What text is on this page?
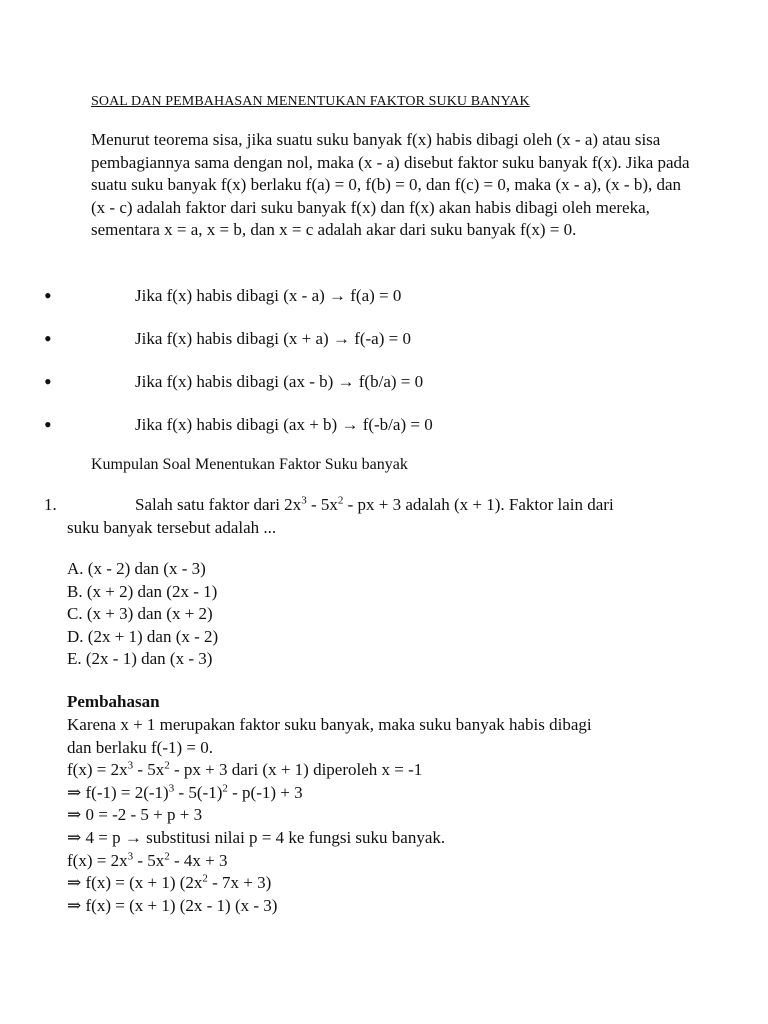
SOAL DAN PEMBAHASAN MENENTUKAN FAKTOR SUKU BANYAK

Menurut teorema sisa, jika suatu suku banyak f(x) habis dibagi oleh (x - a) atau sisa pembagiannya sama dengan nol, maka (x - a) disebut faktor suku banyak f(x). Jika pada suatu suku banyak f(x) berlaku f(a) = 0, f(b) = 0, dan f(c) = 0, maka (x - a), (x - b), dan (x - c) adalah faktor dari suku banyak f(x) dan f(x) akan habis dibagi oleh mereka, sementara x = a, x = b, dan x = c adalah akar dari suku banyak f(x) = 0.

•	Jika f(x) habis dibagi (x - a) → f(a) = 0
•	Jika f(x) habis dibagi (x + a) → f(-a) = 0
•	Jika f(x) habis dibagi (ax - b) → f(b/a) = 0
•	Jika f(x) habis dibagi (ax + b) → f(-b/a) = 0
Kumpulan Soal Menentukan Faktor Suku banyak
1.	Salah satu faktor dari $2x^3 - 5x^2$ - px + 3 adalah (x + 1). Faktor lain dari
suku banyak tersebut adalah ...
A. (x - 2) dan (x - 3)
B. (x + 2) dan (2x - 1)
C. (x + 3) dan (x + 2)
D. (2x + 1) dan (x - 2)
E. (2x - 1) dan (x - 3)
Pembahasan
Karena x + 1 merupakan faktor suku banyak, maka suku banyak habis dibagi
dan berlaku f(-1) = 0.
$f(x) = 2x^3 - 5x^2$ - px + 3 dari (x + 1) diperoleh x = -1
⇒ $f(-1) = 2(-1)^3 - 5(-1)^2 - p(-1) + 3$
⇒ 0 = -2 - 5 + p + 3
⇒ 4 = p → substitusi nilai p = 4 ke fungsi suku banyak.
$f(x) = 2x^3 - 5x^2 - 4x + 3$
⇒ f(x) = (x + 1) $(2x^2 - 7x + 3)$
⇒ f(x) = (x + 1) (2x - 1) (x - 3)
